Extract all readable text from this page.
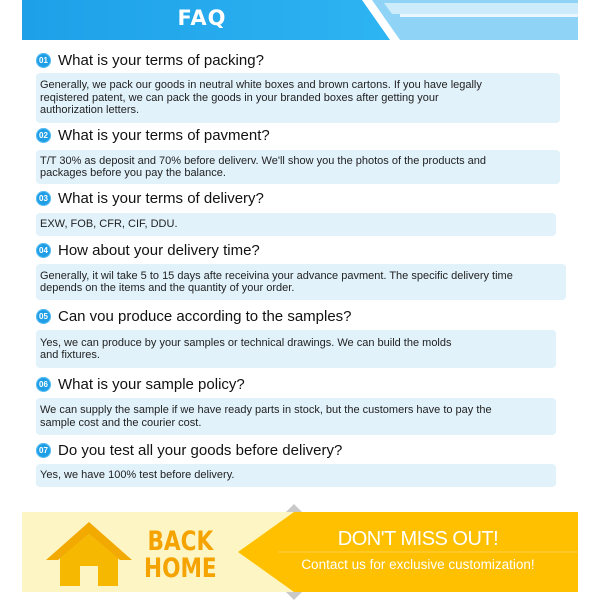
FAQ
01 What is your terms of packing?
Generally, we pack our goods in neutral white boxes and brown cartons. If you have legally
reqistered patent, we can pack the goods in your branded boxes after getting your
authorization letters.
02 What is your terms of pavment?
T/T 30% as deposit and 70% before deliverv. We'll show you the photos of the products and
packages before you pay the balance.
03 What is your terms of delivery?
EXW, FOB, CFR, CIF, DDU.
04 How about your delivery time?
Generally, it wil take 5 to 15 days afte receivina your advance pavment. The specific delivery time
depends on the items and the quantity of your order.
05 Can vou produce according to the samples?
Yes, we can produce by your samples or technical drawings. We can build the molds
and fixtures.
06 What is your sample policy?
We can supply the sample if we have ready parts in stock, but the customers have to pay the
sample cost and the courier cost.
07 Do you test all your goods before delivery?
Yes, we have 100% test before delivery.
BACK
HOME
DON'T MISS OUT!
Contact us for exclusive customization!
